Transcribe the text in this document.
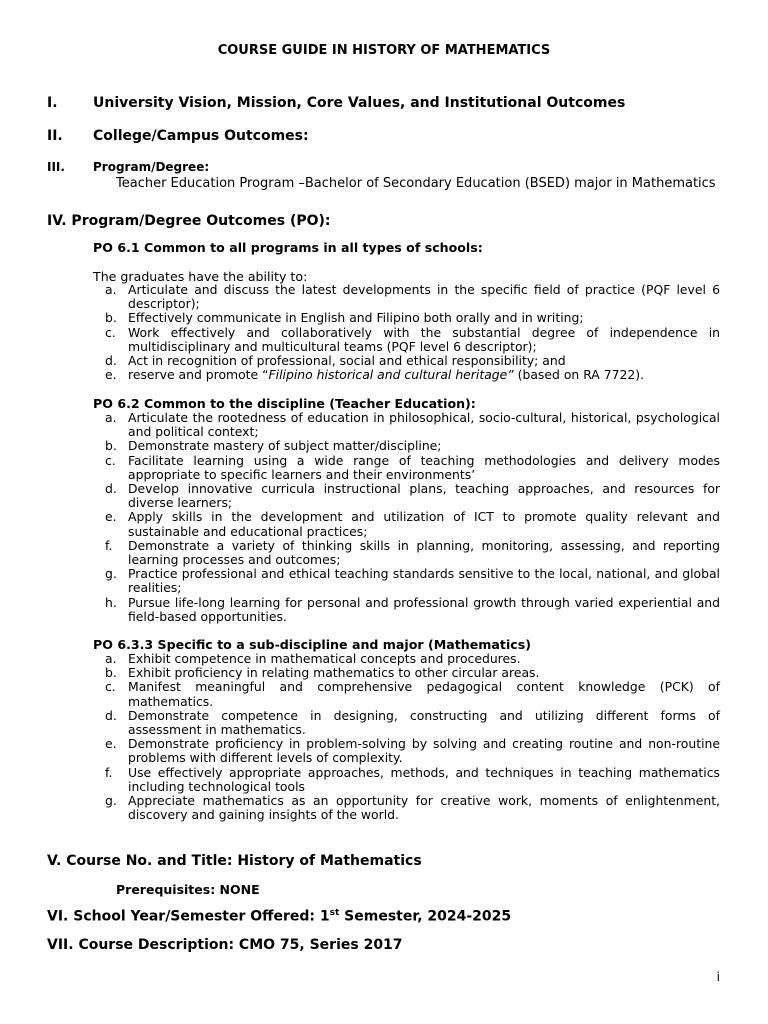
COURSE GUIDE IN HISTORY OF MATHEMATICS
I.	University Vision, Mission, Core Values, and Institutional Outcomes
II. College/Campus Outcomes:
III. Program/Degree:
Teacher Education Program –Bachelor of Secondary Education (BSED) major in Mathematics
IV. Program/Degree Outcomes (PO):
PO 6.1 Common to all programs in all types of schools:
The graduates have the ability to:
a. Articulate and discuss the latest developments in the specific field of practice (PQF level 6 descriptor);
b. Effectively communicate in English and Filipino both orally and in writing;
c. Work effectively and collaboratively with the substantial degree of independence in multidisciplinary and multicultural teams (PQF level 6 descriptor);
d. Act in recognition of professional, social and ethical responsibility; and
e. reserve and promote “Filipino historical and cultural heritage” (based on RA 7722).
PO 6.2 Common to the discipline (Teacher Education):
a. Articulate the rootedness of education in philosophical, socio-cultural, historical, psychological and political context;
b. Demonstrate mastery of subject matter/discipline;
c. Facilitate learning using a wide range of teaching methodologies and delivery modes appropriate to specific learners and their environments’
d. Develop innovative curricula instructional plans, teaching approaches, and resources for diverse learners;
e. Apply skills in the development and utilization of ICT to promote quality relevant and sustainable and educational practices;
f. Demonstrate a variety of thinking skills in planning, monitoring, assessing, and reporting learning processes and outcomes;
g. Practice professional and ethical teaching standards sensitive to the local, national, and global realities;
h. Pursue life-long learning for personal and professional growth through varied experiential and field-based opportunities.
PO 6.3.3 Specific to a sub-discipline and major (Mathematics)
a. Exhibit competence in mathematical concepts and procedures.
b. Exhibit proficiency in relating mathematics to other circular areas.
c. Manifest meaningful and comprehensive pedagogical content knowledge (PCK) of mathematics.
d. Demonstrate competence in designing, constructing and utilizing different forms of assessment in mathematics.
e. Demonstrate proficiency in problem-solving by solving and creating routine and non-routine problems with different levels of complexity.
f. Use effectively appropriate approaches, methods, and techniques in teaching mathematics including technological tools
g. Appreciate mathematics as an opportunity for creative work, moments of enlightenment, discovery and gaining insights of the world.
V. Course No. and Title: History of Mathematics
Prerequisites: NONE
VI. School Year/Semester Offered: 1st Semester, 2024-2025
VII. Course Description: CMO 75, Series 2017
i
